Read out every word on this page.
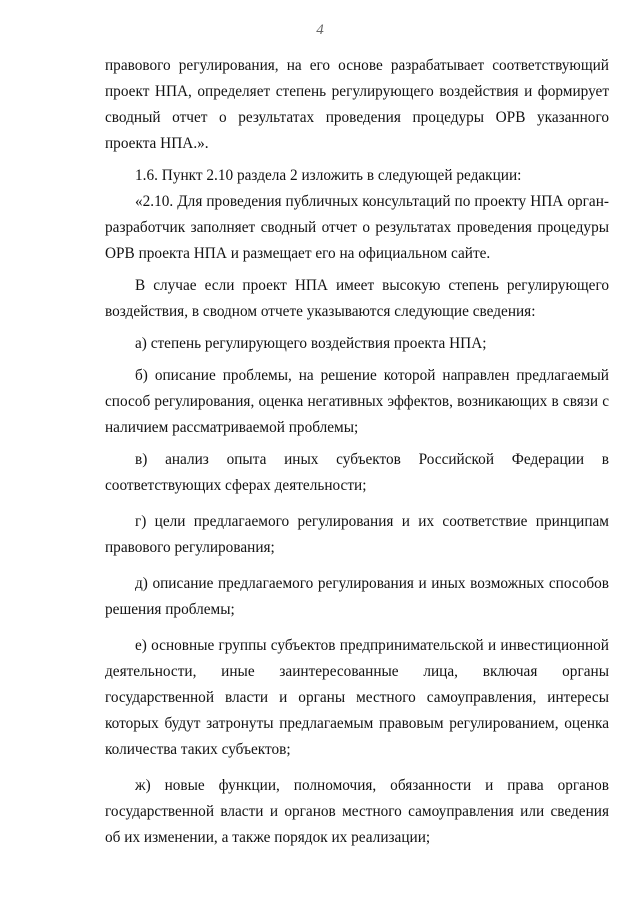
4

правового регулирования, на его основе разрабатывает соответствующий проект НПА, определяет степень регулирующего воздействия и формирует сводный отчет о результатах проведения процедуры ОРВ указанного проекта НПА.».

1.6. Пункт 2.10 раздела 2 изложить в следующей редакции:

«2.10. Для проведения публичных консультаций по проекту НПА орган-разработчик заполняет сводный отчет о результатах проведения процедуры ОРВ проекта НПА и размещает его на официальном сайте.

В случае если проект НПА имеет высокую степень регулирующего воздействия, в сводном отчете указываются следующие сведения:

а) степень регулирующего воздействия проекта НПА;

б) описание проблемы, на решение которой направлен предлагаемый способ регулирования, оценка негативных эффектов, возникающих в связи с наличием рассматриваемой проблемы;

в) анализ опыта иных субъектов Российской Федерации в соответствующих сферах деятельности;

г) цели предлагаемого регулирования и их соответствие принципам правового регулирования;

д) описание предлагаемого регулирования и иных возможных способов решения проблемы;

е) основные группы субъектов предпринимательской и инвестиционной деятельности, иные заинтересованные лица, включая органы государственной власти и органы местного самоуправления, интересы которых будут затронуты предлагаемым правовым регулированием, оценка количества таких субъектов;

ж) новые функции, полномочия, обязанности и права органов государственной власти и органов местного самоуправления или сведения об их изменении, а также порядок их реализации;
